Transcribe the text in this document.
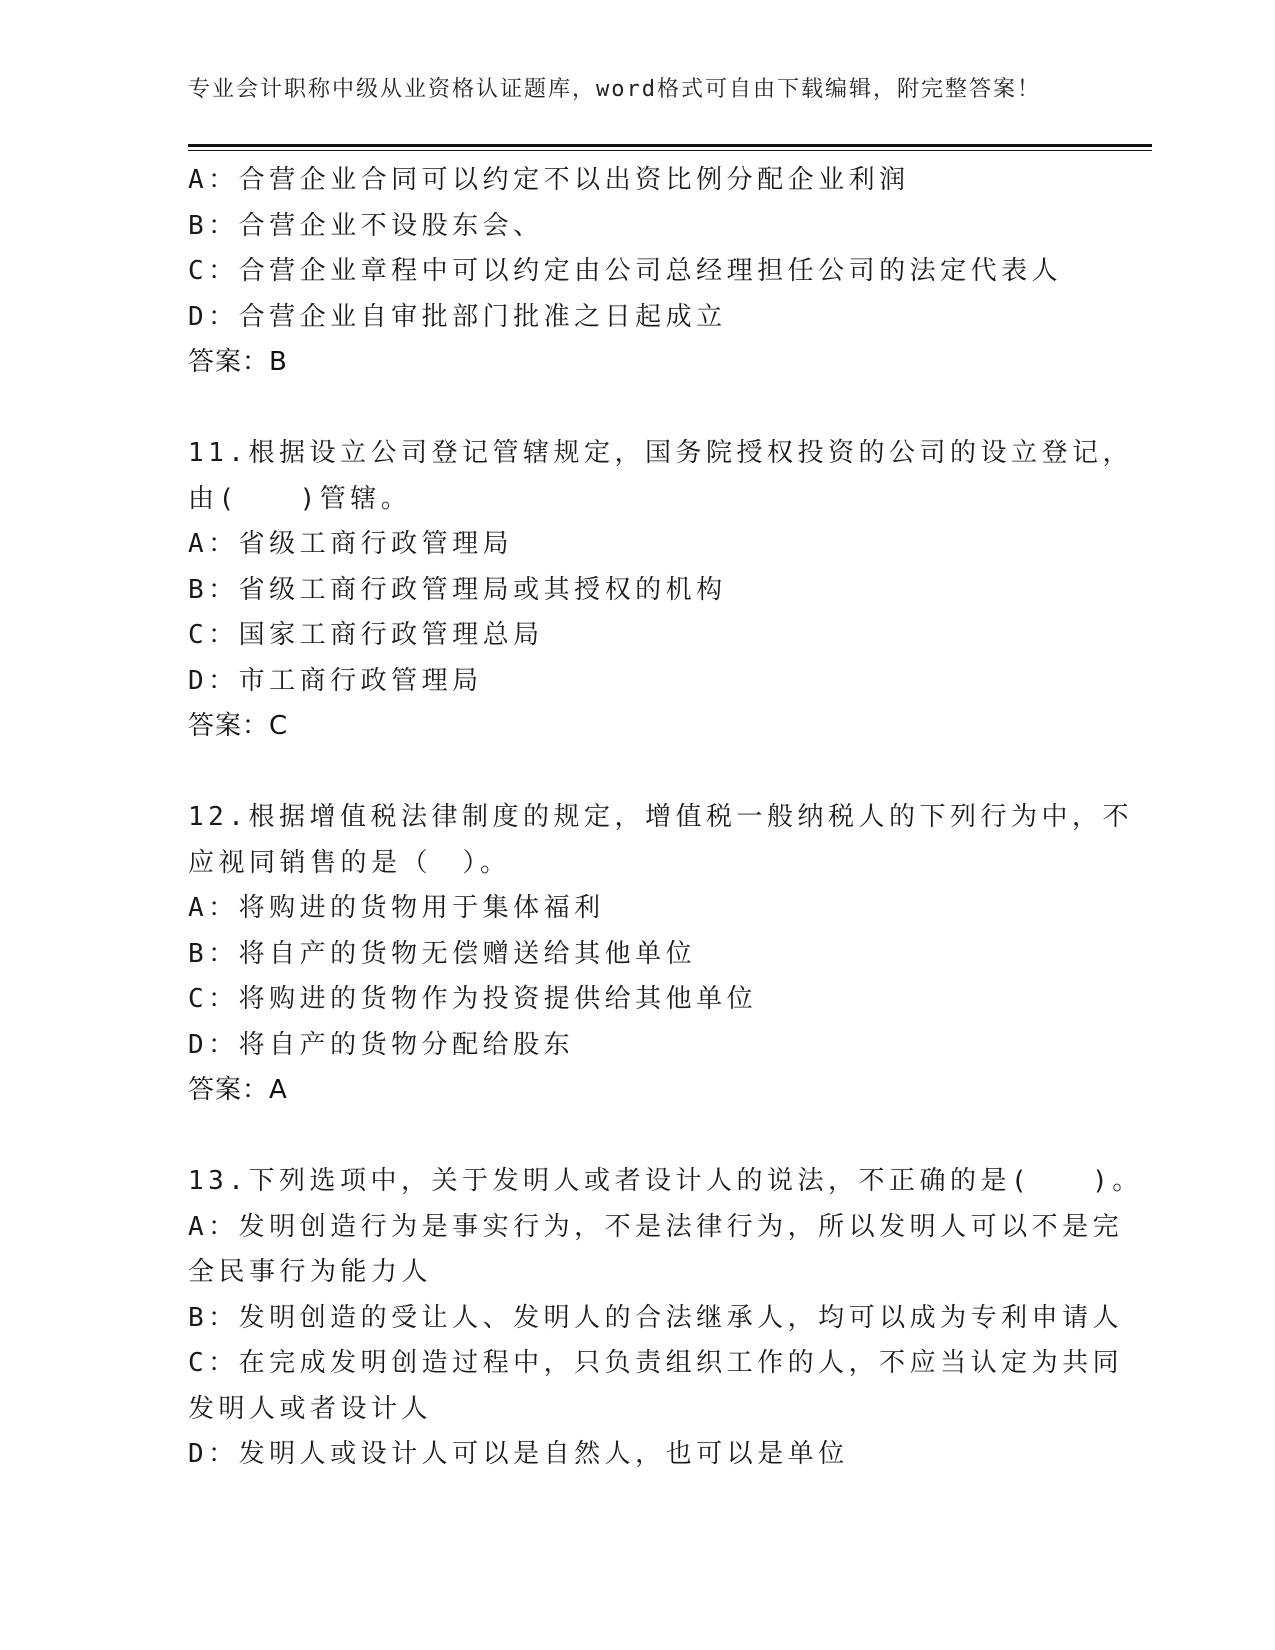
专业会计职称中级从业资格认证题库，word格式可自由下载编辑，附完整答案！
A：合营企业合同可以约定不以出资比例分配企业利润
B：合营企业不设股东会、
C：合营企业章程中可以约定由公司总经理担任公司的法定代表人
D：合营企业自审批部门批准之日起成立
答案：B
11.根据设立公司登记管辖规定，国务院授权投资的公司的设立登记，
由(　　)管辖。
A：省级工商行政管理局
B：省级工商行政管理局或其授权的机构
C：国家工商行政管理总局
D：市工商行政管理局
答案：C
12.根据增值税法律制度的规定，增值税一般纳税人的下列行为中，不
应视同销售的是（　）。
A：将购进的货物用于集体福利
B：将自产的货物无偿赠送给其他单位
C：将购进的货物作为投资提供给其他单位
D：将自产的货物分配给股东
答案：A
13.下列选项中，关于发明人或者设计人的说法，不正确的是(　　)。
A：发明创造行为是事实行为，不是法律行为，所以发明人可以不是完
全民事行为能力人
B：发明创造的受让人、发明人的合法继承人，均可以成为专利申请人
C：在完成发明创造过程中，只负责组织工作的人，不应当认定为共同
发明人或者设计人
D：发明人或设计人可以是自然人，也可以是单位
